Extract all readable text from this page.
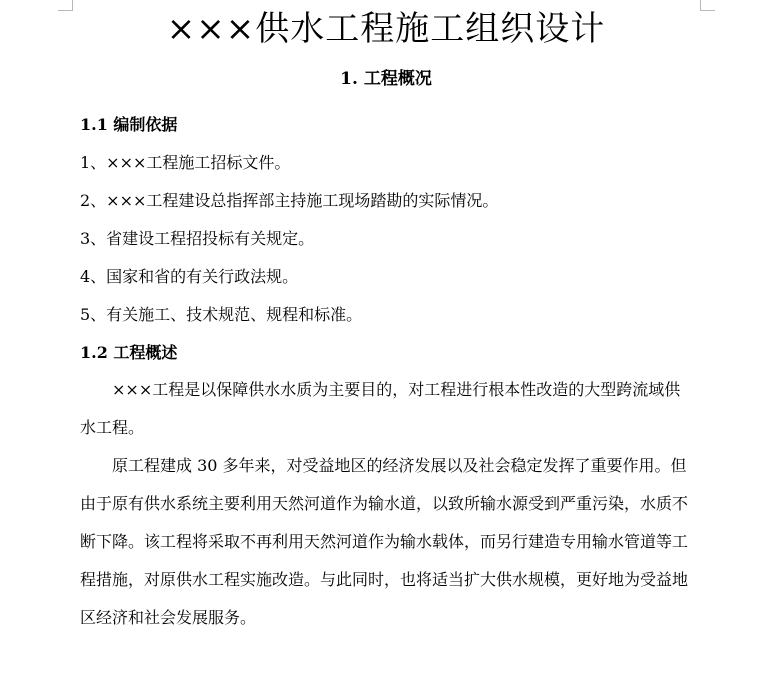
×××供水工程施工组织设计
1. 工程概况
1.1 编制依据
1、×××工程施工招标文件。
2、×××工程建设总指挥部主持施工现场踏勘的实际情况。
3、省建设工程招投标有关规定。
4、国家和省的有关行政法规。
5、有关施工、技术规范、规程和标准。
1.2 工程概述

×××工程是以保障供水水质为主要目的，对工程进行根本性改造的大型跨流域供水工程。

原工程建成 30 多年来，对受益地区的经济发展以及社会稳定发挥了重要作用。但由于原有供水系统主要利用天然河道作为输水道，以致所输水源受到严重污染，水质不断下降。该工程将采取不再利用天然河道作为输水载体，而另行建造专用输水管道等工程措施，对原供水工程实施改造。与此同时，也将适当扩大供水规模，更好地为受益地区经济和社会发展服务。
